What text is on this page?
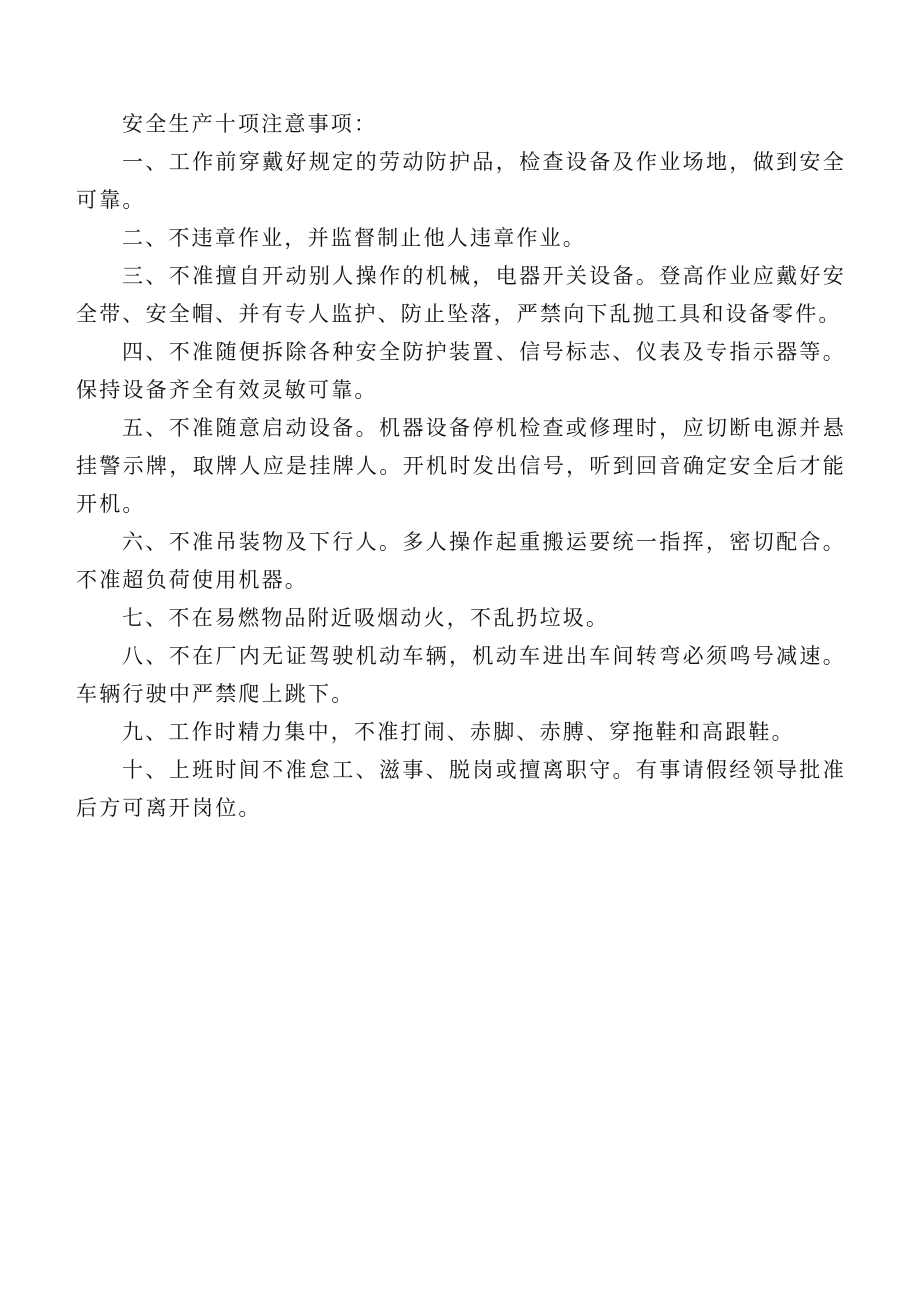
安全生产十项注意事项：

一、工作前穿戴好规定的劳动防护品，检查设备及作业场地，做到安全可靠。

二、不违章作业，并监督制止他人违章作业。

三、不准擅自开动别人操作的机械，电器开关设备。登高作业应戴好安全带、安全帽、并有专人监护、防止坠落，严禁向下乱抛工具和设备零件。

四、不准随便拆除各种安全防护装置、信号标志、仪表及专指示器等。保持设备齐全有效灵敏可靠。

五、不准随意启动设备。机器设备停机检查或修理时，应切断电源并悬挂警示牌，取牌人应是挂牌人。开机时发出信号，听到回音确定安全后才能开机。

六、不准吊装物及下行人。多人操作起重搬运要统一指挥，密切配合。不准超负荷使用机器。

七、不在易燃物品附近吸烟动火，不乱扔垃圾。

八、不在厂内无证驾驶机动车辆，机动车进出车间转弯必须鸣号减速。车辆行驶中严禁爬上跳下。

九、工作时精力集中，不准打闹、赤脚、赤膊、穿拖鞋和高跟鞋。

十、上班时间不准怠工、滋事、脱岗或擅离职守。有事请假经领导批准后方可离开岗位。
